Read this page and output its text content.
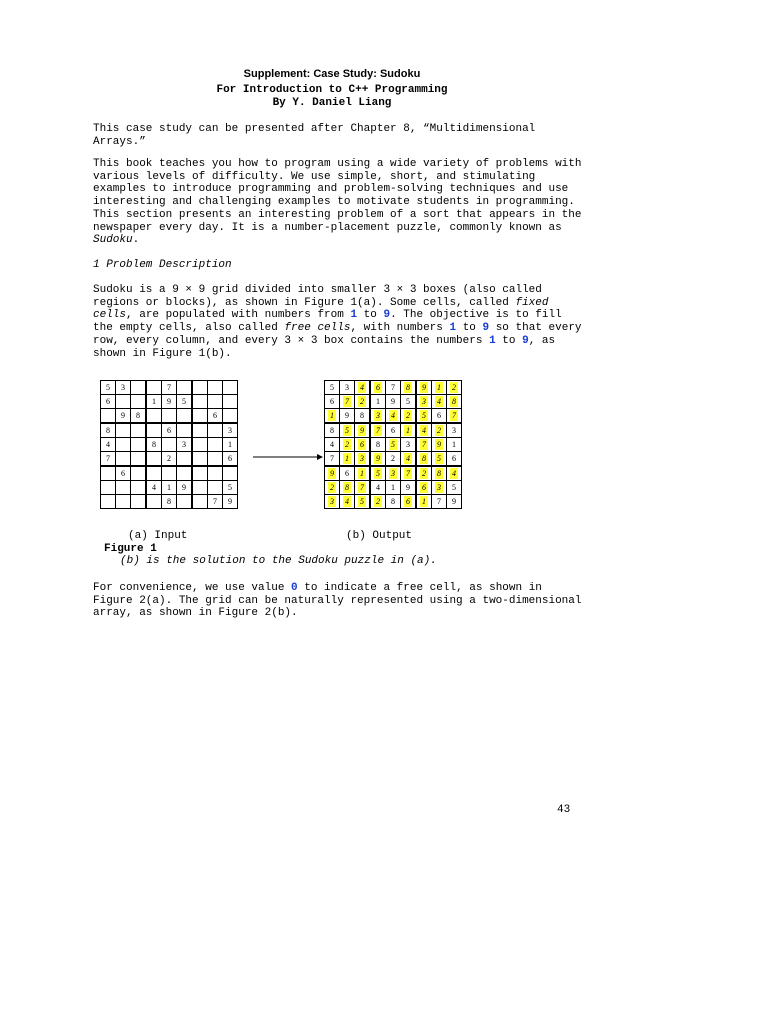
Supplement: Case Study: Sudoku
For Introduction to C++ Programming
By Y. Daniel Liang

This case study can be presented after Chapter 8, “Multidimensional Arrays.”

This book teaches you how to program using a wide variety of problems with various levels of difficulty. We use simple, short, and stimulating examples to introduce programming and problem-solving techniques and use interesting and challenging examples to motivate students in programming. This section presents an interesting problem of a sort that appears in the newspaper every day. It is a number-placement puzzle, commonly known as Sudoku.

1 Problem Description

Sudoku is a 9 × 9 grid divided into smaller 3 × 3 boxes (also called regions or blocks), as shown in Figure 1(a). Some cells, called fixed cells, are populated with numbers from 1 to 9. The objective is to fill the empty cells, also called free cells, with numbers 1 to 9 so that every row, every column, and every 3 × 3 box contains the numbers 1 to 9, as shown in Figure 1(b).

5	3			7				
6			1	9	5			
	9	8					6	
8				6				3
4			8		3			1
7				2				6
	6							
			4	1	9			5
				8			7	9
5	3	4	6	7	8	9	1	2
6	7	2	1	9	5	3	4	8
1	9	8	3	4	2	5	6	7
8	5	9	7	6	1	4	2	3
4	2	6	8	5	3	7	9	1
7	1	3	9	2	4	8	5	6
9	6	1	5	3	7	2	8	4
2	8	7	4	1	9	6	3	5
3	4	5	2	8	6	1	7	9
(a) Input	(b) Output
Figure 1
(b) is the solution to the Sudoku puzzle in (a).

For convenience, we use value 0 to indicate a free cell, as shown in Figure 2(a). The grid can be naturally represented using a two-dimensional array, as shown in Figure 2(b).

43
